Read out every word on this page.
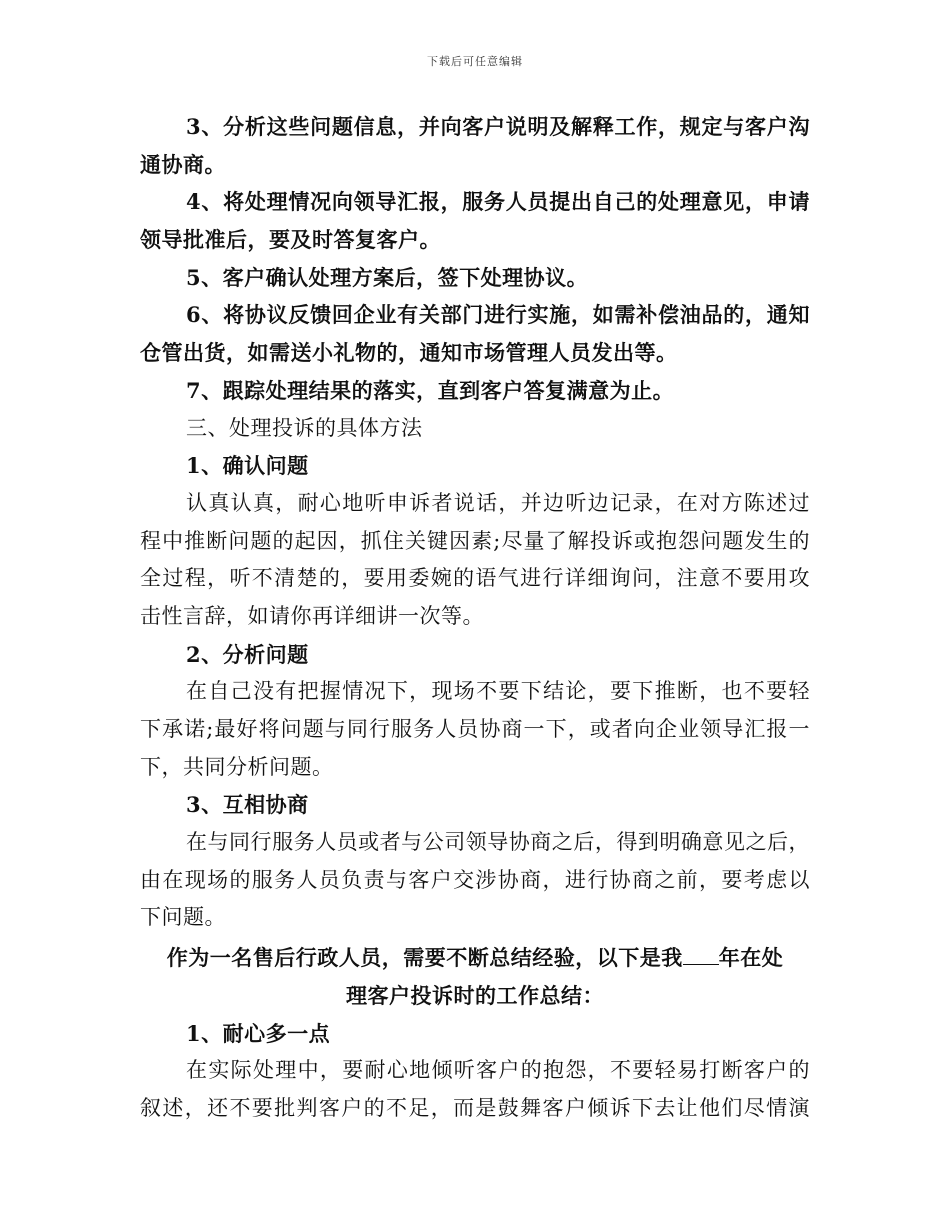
下载后可任意编辑
3、分析这些问题信息，并向客户说明及解释工作，规定与客户沟
通协商。
4、将处理情况向领导汇报，服务人员提出自己的处理意见，申请
领导批准后，要及时答复客户。
5、客户确认处理方案后，签下处理协议。
6、将协议反馈回企业有关部门进行实施，如需补偿油品的，通知
仓管出货，如需送小礼物的，通知市场管理人员发出等。
7、跟踪处理结果的落实，直到客户答复满意为止。
三、处理投诉的具体方法
1、确认问题
认真认真，耐心地听申诉者说话，并边听边记录，在对方陈述过
程中推断问题的起因，抓住关键因素;尽量了解投诉或抱怨问题发生的
全过程，听不清楚的，要用委婉的语气进行详细询问，注意不要用攻
击性言辞，如请你再详细讲一次等。
2、分析问题
在自己没有把握情况下，现场不要下结论，要下推断，也不要轻
下承诺;最好将问题与同行服务人员协商一下，或者向企业领导汇报一
下，共同分析问题。
3、互相协商
在与同行服务人员或者与公司领导协商之后，得到明确意见之后，
由在现场的服务人员负责与客户交涉协商，进行协商之前，要考虑以
下问题。
作为一名售后行政人员，需要不断总结经验，以下是我 年在处
理客户投诉时的工作总结：
1、耐心多一点
在实际处理中，要耐心地倾听客户的抱怨，不要轻易打断客户的
叙述，还不要批判客户的不足，而是鼓舞客户倾诉下去让他们尽情演
